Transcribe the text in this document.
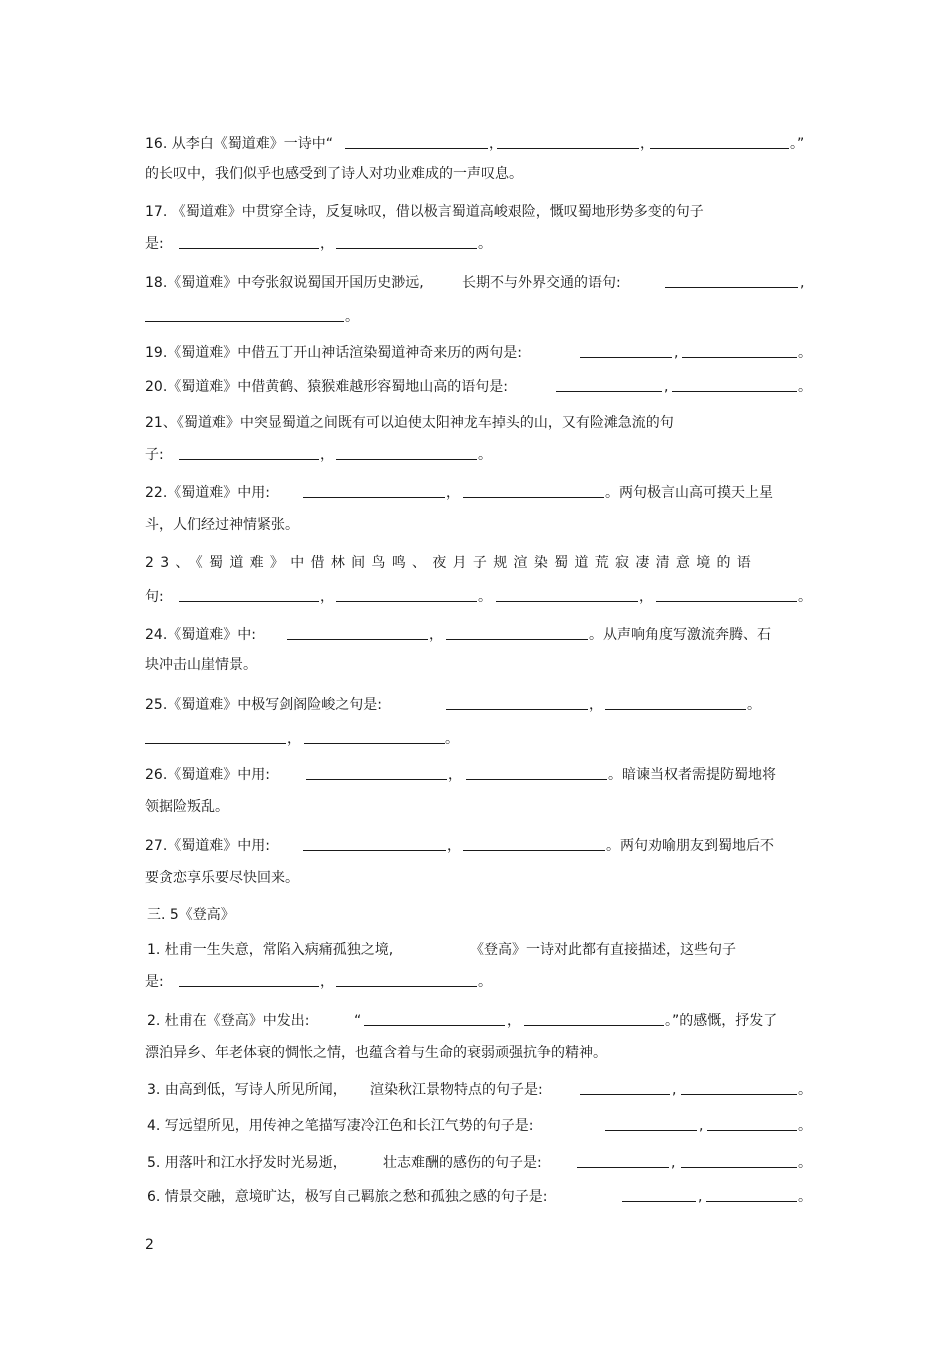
16. 从李白《蜀道难》一诗中“	，	，	。”
的长叹中，我们似乎也感受到了诗人对功业难成的一声叹息。
17. 《蜀道难》中贯穿全诗，反复咏叹，借以极言蜀道高峻艰险，慨叹蜀地形势多变的句子
是:	，	。
18.《蜀道难》中夸张叙说蜀国开国历史渺远,	长期不与外界交通的语句:	,
。
19.《蜀道难》中借五丁开山神话渲染蜀道神奇来历的两句是:	,	。
20.《蜀道难》中借黄鹤、猿猴难越形容蜀地山高的语句是:	,	。
21、《蜀道难》中突显蜀道之间既有可以迫使太阳神龙车掉头的山，又有险滩急流的句
子:	，	。
22.《蜀道难》中用:	，	。两句极言山高可摸天上星
斗，人们经过神情紧张。
23、《蜀道难》中借林间鸟鸣、夜月子规渲染蜀道荒寂凄清意境的语
句:	，	。	，	。
24.《蜀道难》中:	，	。从声响角度写激流奔腾、石
块冲击山崖情景。
25.《蜀道难》中极写剑阁险峻之句是:	，	。
，	。
26.《蜀道难》中用:	，	。暗谏当权者需提防蜀地将
领据险叛乱。
27.《蜀道难》中用:	，	。两句劝喻朋友到蜀地后不
要贪恋享乐要尽快回来。
三. 5《登高》
1. 杜甫一生失意，常陷入病痛孤独之境,	《登高》一诗对此都有直接描述，这些句子
是:	，	。
2. 杜甫在《登高》中发出:	“	，	。”的感慨，抒发了
漂泊异乡、年老体衰的惆怅之情，也蕴含着与生命的衰弱顽强抗争的精神。
3. 由高到低，写诗人所见所闻， 渲染秋江景物特点的句子是:	,	。
4. 写远望所见，用传神之笔描写凄冷江色和长江气势的句子是:	,	。
5. 用落叶和江水抒发时光易逝，	壮志难酬的感伤的句子是:	,	。
6. 情景交融，意境旷达，极写自己羁旅之愁和孤独之感的句子是:	,	。
2
